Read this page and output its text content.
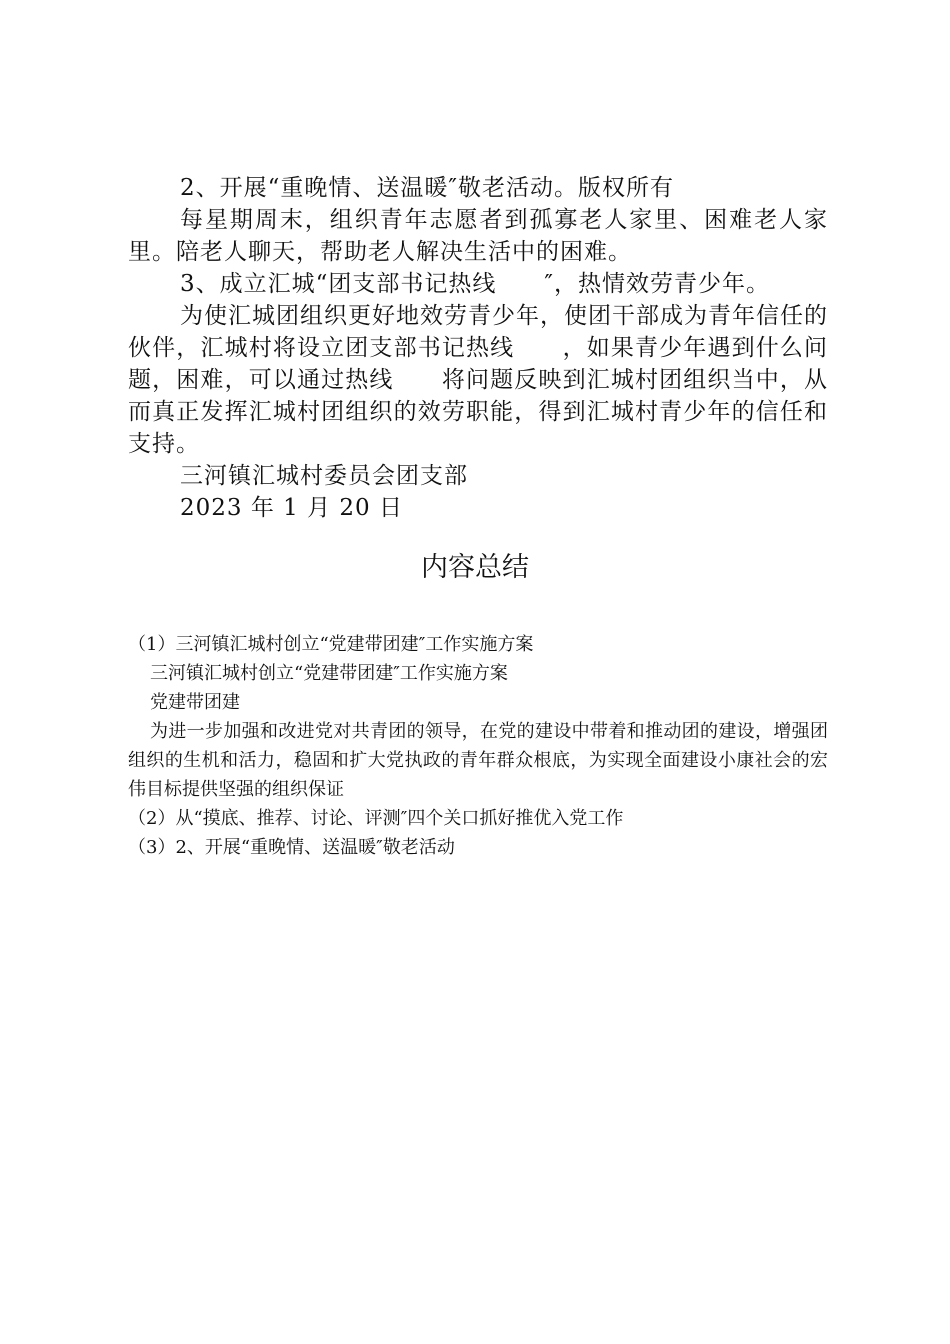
2、开展“重晚情、送温暖″敬老活动。版权所有

每星期周末，组织青年志愿者到孤寡老人家里、困难老人家里。陪老人聊天，帮助老人解决生活中的困难。

3、成立汇城“团支部书记热线　　″，热情效劳青少年。

为使汇城团组织更好地效劳青少年，使团干部成为青年信任的伙伴，汇城村将设立团支部书记热线　　，如果青少年遇到什么问题，困难，可以通过热线　　将问题反映到汇城村团组织当中，从而真正发挥汇城村团组织的效劳职能，得到汇城村青少年的信任和支持。

三河镇汇城村委员会团支部

2023 年 1 月 20 日

内容总结

（1）三河镇汇城村创立“党建带团建″工作实施方案

三河镇汇城村创立“党建带团建″工作实施方案

党建带团建

为进一步加强和改进党对共青团的领导，在党的建设中带着和推动团的建设，增强团组织的生机和活力，稳固和扩大党执政的青年群众根底，为实现全面建设小康社会的宏伟目标提供坚强的组织保证

（2）从“摸底、推荐、讨论、评测″四个关口抓好推优入党工作

（3）2、开展“重晚情、送温暖″敬老活动
